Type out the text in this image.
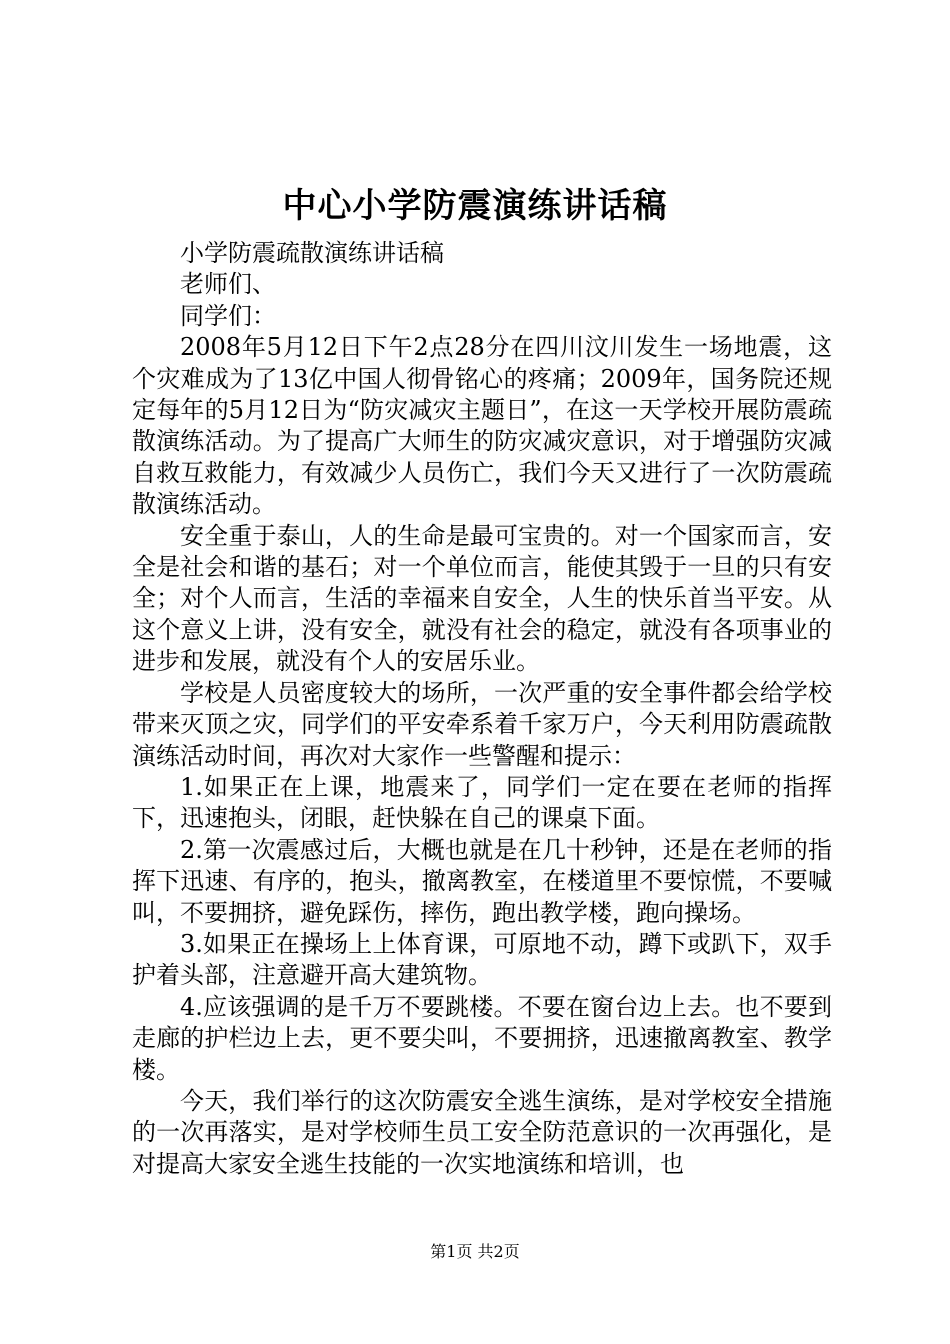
中心小学防震演练讲话稿

小学防震疏散演练讲话稿

老师们、

同学们：

2008年5月12日下午2点28分在四川汶川发生一场地震，这个灾难成为了13亿中国人彻骨铭心的疼痛；2009年，国务院还规定每年的5月12日为“防灾减灾主题日”，在这一天学校开展防震疏散演练活动。为了提高广大师生的防灾减灾意识，对于增强防灾减自救互救能力，有效减少人员伤亡，我们今天又进行了一次防震疏散演练活动。

安全重于泰山，人的生命是最可宝贵的。对一个国家而言，安全是社会和谐的基石；对一个单位而言，能使其毁于一旦的只有安全；对个人而言，生活的幸福来自安全，人生的快乐首当平安。从这个意义上讲，没有安全，就没有社会的稳定，就没有各项事业的进步和发展，就没有个人的安居乐业。

学校是人员密度较大的场所，一次严重的安全事件都会给学校带来灭顶之灾，同学们的平安牵系着千家万户，今天利用防震疏散演练活动时间，再次对大家作一些警醒和提示：

1.如果正在上课，地震来了，同学们一定在要在老师的指挥下，迅速抱头，闭眼，赶快躲在自己的课桌下面。

2.第一次震感过后，大概也就是在几十秒钟，还是在老师的指挥下迅速、有序的，抱头，撤离教室，在楼道里不要惊慌，不要喊叫，不要拥挤，避免踩伤，摔伤，跑出教学楼，跑向操场。

3.如果正在操场上上体育课，可原地不动，蹲下或趴下，双手护着头部，注意避开高大建筑物。

4.应该强调的是千万不要跳楼。不要在窗台边上去。也不要到走廊的护栏边上去，更不要尖叫，不要拥挤，迅速撤离教室、教学楼。

今天，我们举行的这次防震安全逃生演练，是对学校安全措施的一次再落实，是对学校师生员工安全防范意识的一次再强化，是对提高大家安全逃生技能的一次实地演练和培训，也

第1页 共2页
